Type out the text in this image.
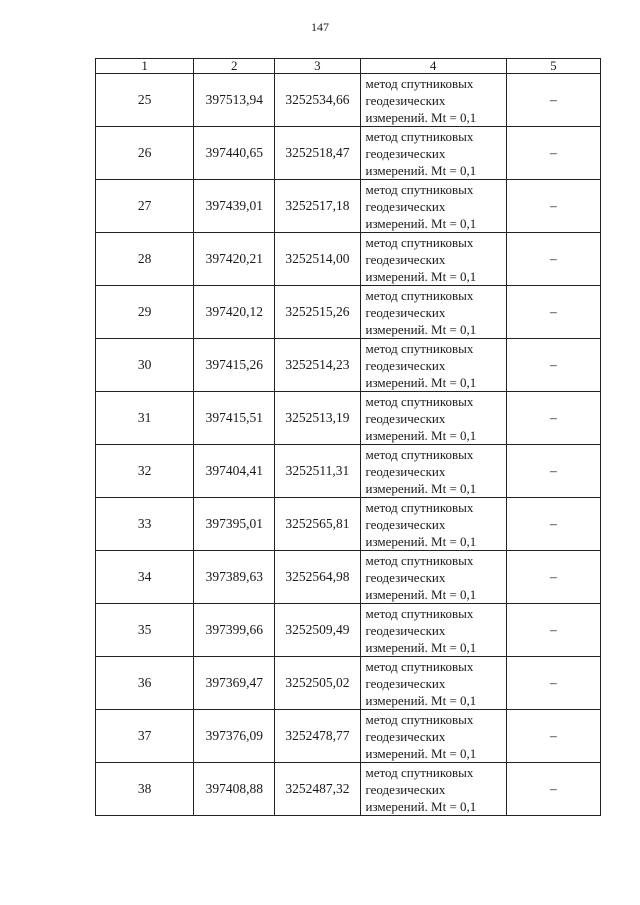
147
1	2	3	4	5
25	397513,94	3252534,66	метод спутниковых
геодезических
измерений. Mt = 0,1	–
26	397440,65	3252518,47	метод спутниковых
геодезических
измерений. Mt = 0,1	–
27	397439,01	3252517,18	метод спутниковых
геодезических
измерений. Mt = 0,1	–
28	397420,21	3252514,00	метод спутниковых
геодезических
измерений. Mt = 0,1	–
29	397420,12	3252515,26	метод спутниковых
геодезических
измерений. Mt = 0,1	–
30	397415,26	3252514,23	метод спутниковых
геодезических
измерений. Mt = 0,1	–
31	397415,51	3252513,19	метод спутниковых
геодезических
измерений. Mt = 0,1	–
32	397404,41	3252511,31	метод спутниковых
геодезических
измерений. Mt = 0,1	–
33	397395,01	3252565,81	метод спутниковых
геодезических
измерений. Mt = 0,1	–
34	397389,63	3252564,98	метод спутниковых
геодезических
измерений. Mt = 0,1	–
35	397399,66	3252509,49	метод спутниковых
геодезических
измерений. Mt = 0,1	–
36	397369,47	3252505,02	метод спутниковых
геодезических
измерений. Mt = 0,1	–
37	397376,09	3252478,77	метод спутниковых
геодезических
измерений. Mt = 0,1	–
38	397408,88	3252487,32	метод спутниковых
геодезических
измерений. Mt = 0,1	–
